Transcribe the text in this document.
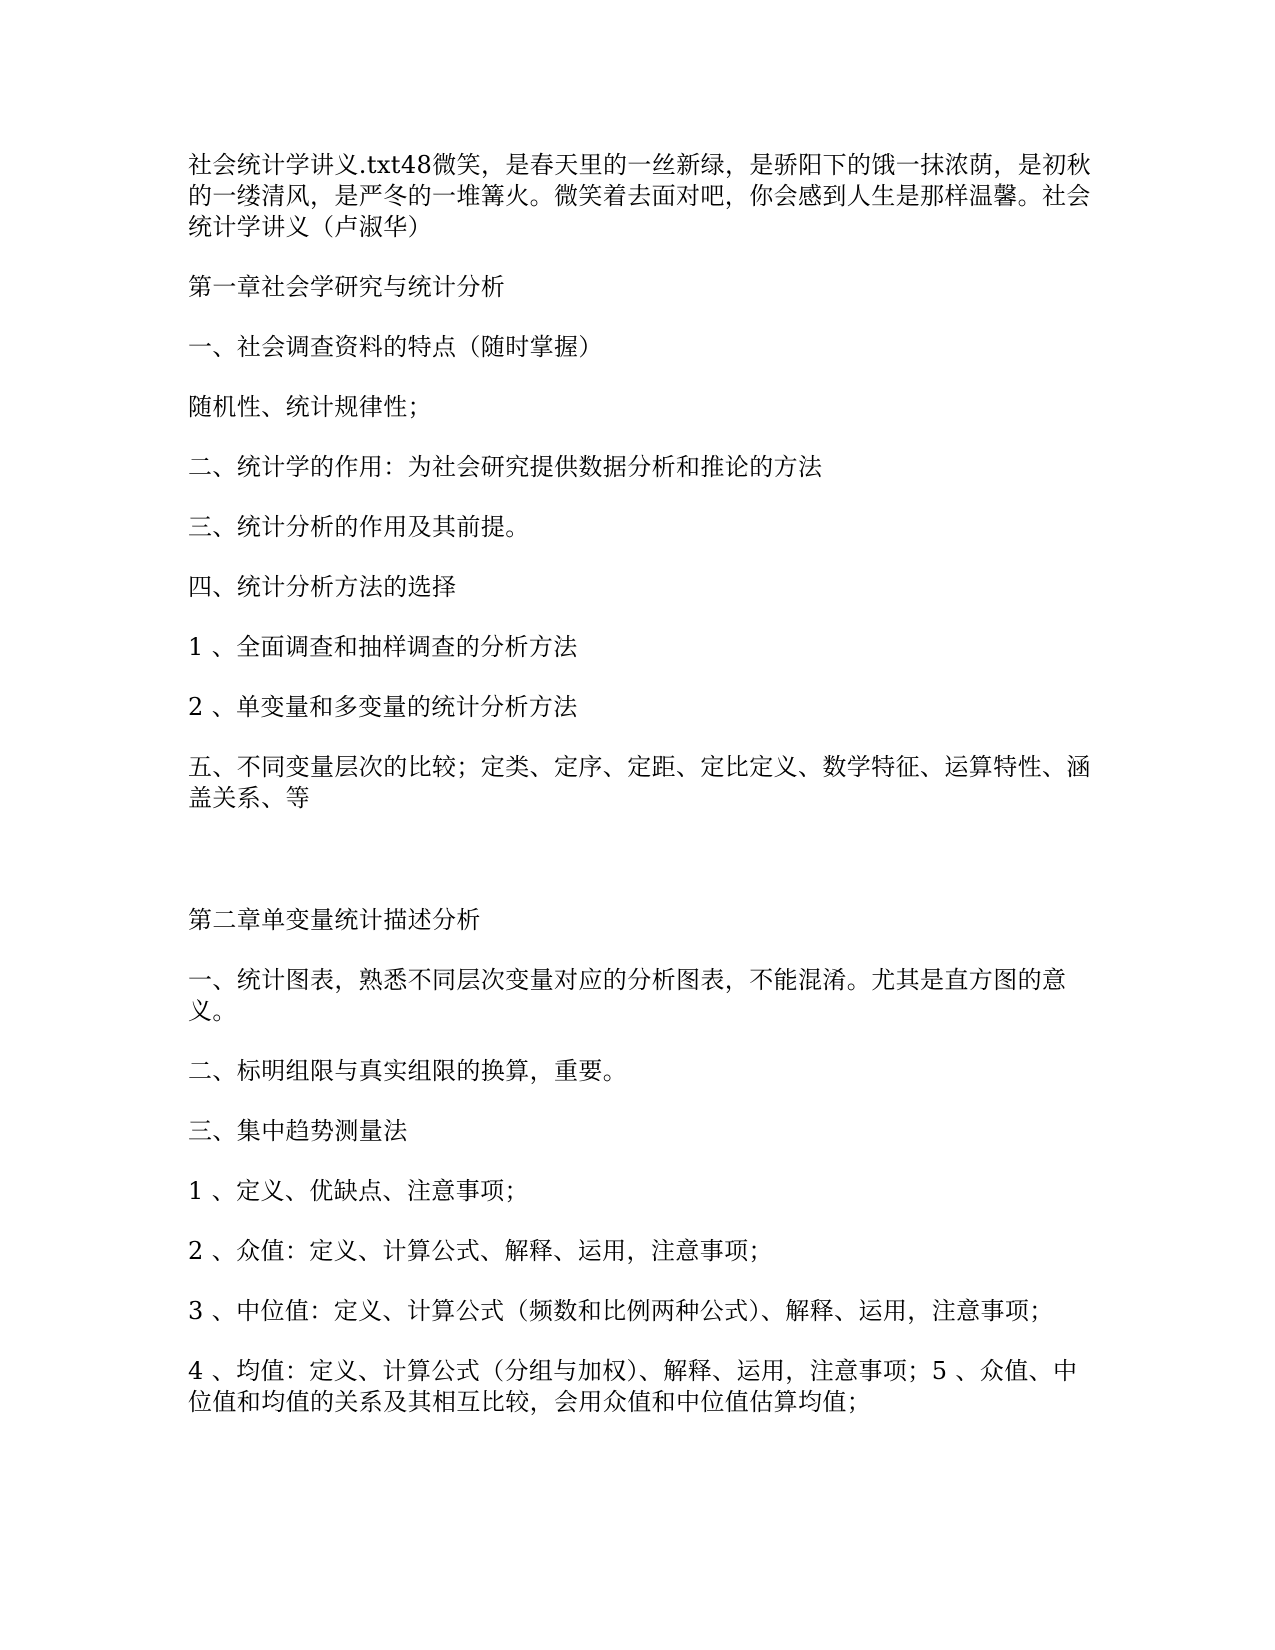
社会统计学讲义.txt48微笑，是春天里的一丝新绿，是骄阳下的饿一抹浓荫，是初秋的一缕清风，是严冬的一堆篝火。微笑着去面对吧，你会感到人生是那样温馨。社会统计学讲义（卢淑华）

第一章社会学研究与统计分析

一、社会调查资料的特点（随时掌握）

随机性、统计规律性；

二、统计学的作用：为社会研究提供数据分析和推论的方法

三、统计分析的作用及其前提。

四、统计分析方法的选择

1 、全面调查和抽样调查的分析方法

2 、单变量和多变量的统计分析方法

五、不同变量层次的比较；定类、定序、定距、定比定义、数学特征、运算特性、涵盖关系、等

第二章单变量统计描述分析

一、统计图表，熟悉不同层次变量对应的分析图表，不能混淆。尤其是直方图的意义。

二、标明组限与真实组限的换算，重要。

三、集中趋势测量法

1 、定义、优缺点、注意事项；

2 、众值：定义、计算公式、解释、运用，注意事项；

3 、中位值：定义、计算公式（频数和比例两种公式）、解释、运用，注意事项；

4 、均值：定义、计算公式（分组与加权）、解释、运用，注意事项；5 、众值、中位值和均值的关系及其相互比较，会用众值和中位值估算均值；
